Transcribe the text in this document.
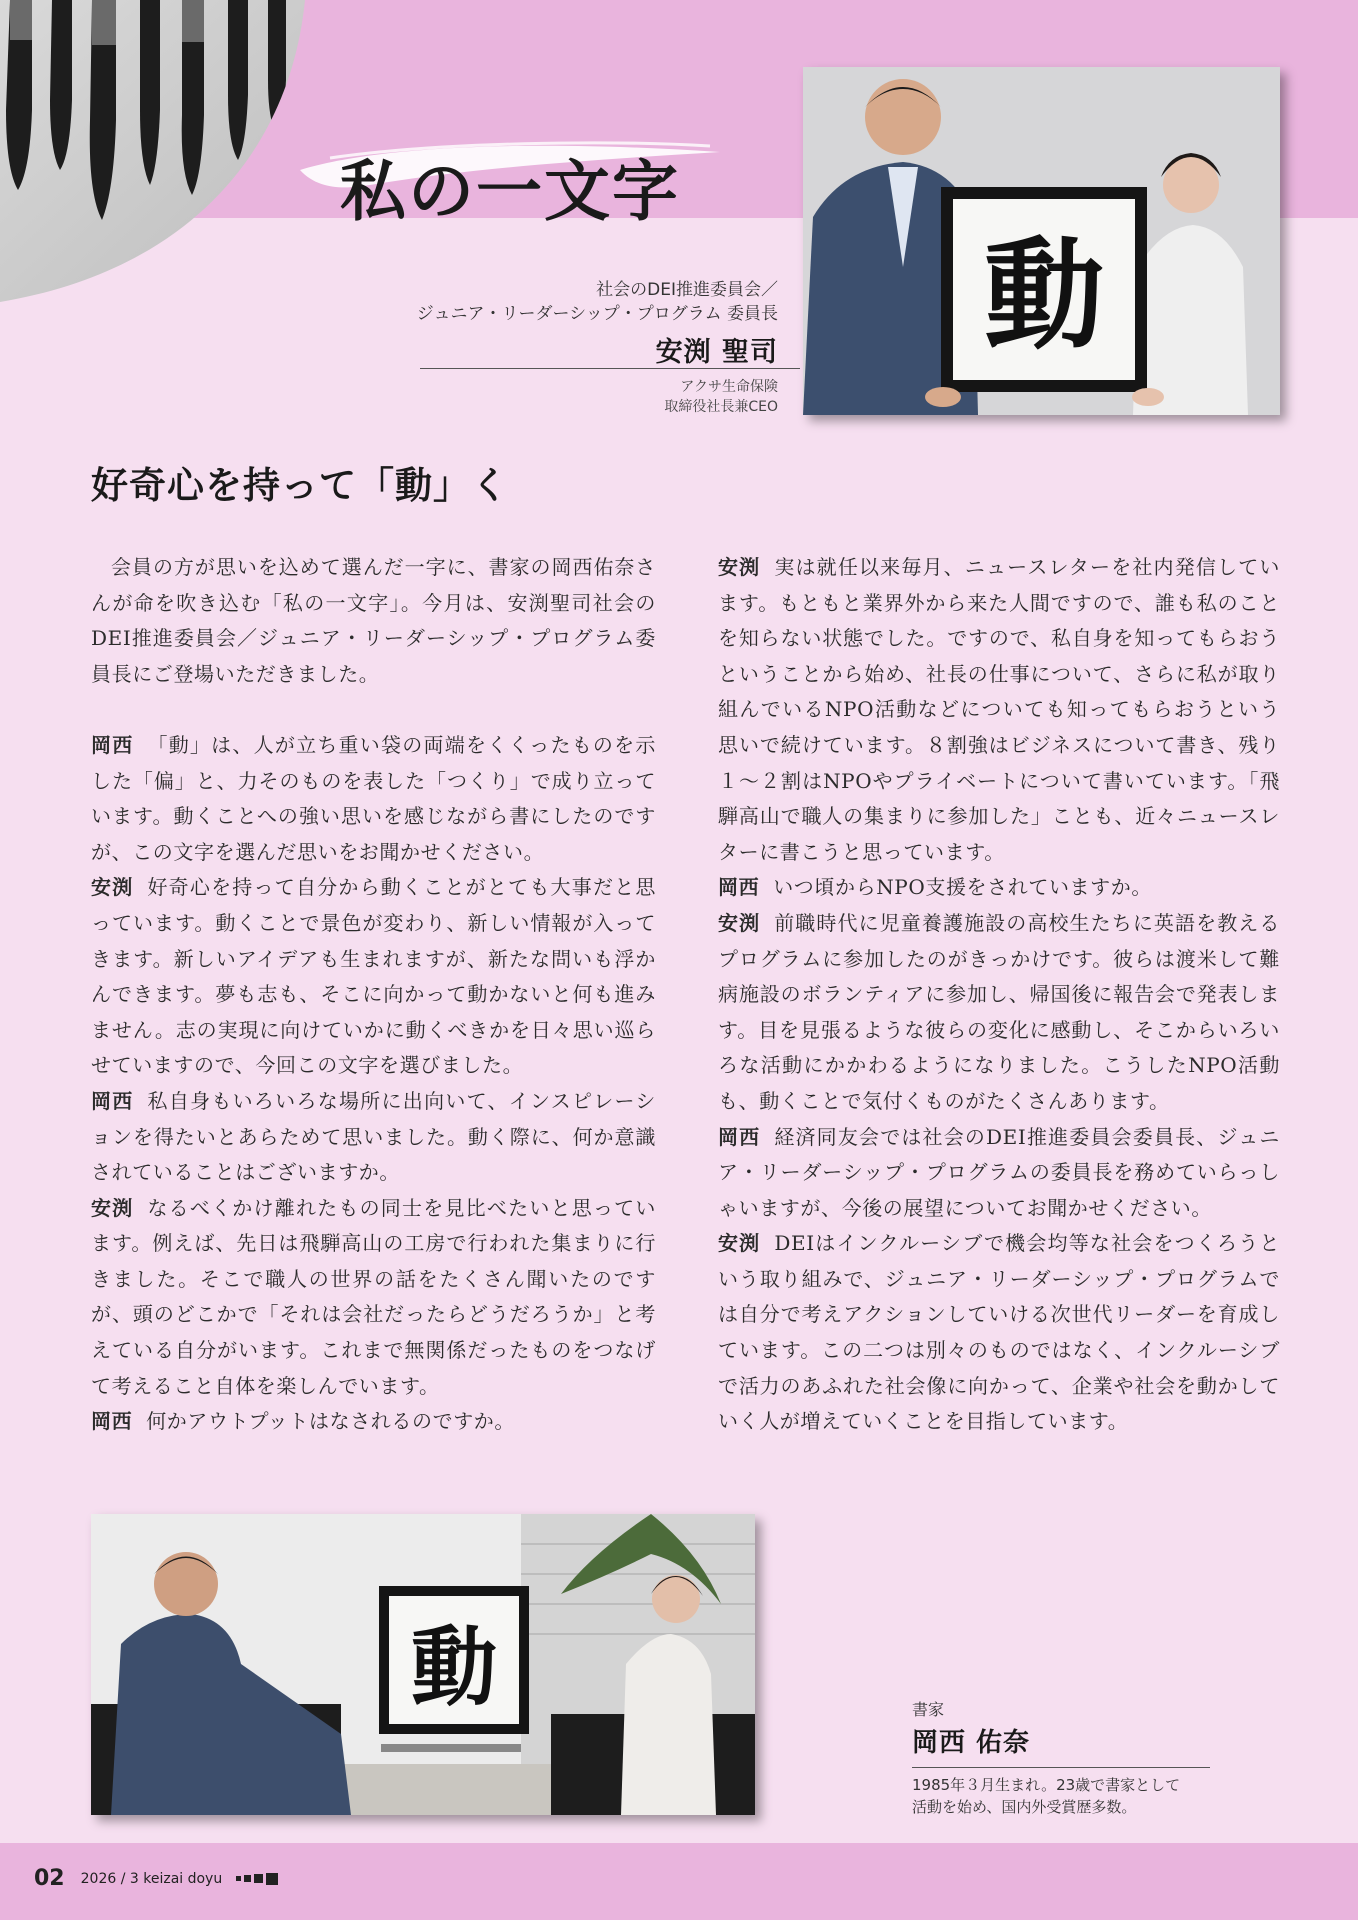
私の一文字
動
社会のDEI推進委員会／
ジュニア・リーダーシップ・プログラム 委員長
安渕 聖司
アクサ生命保険
取締役社長兼CEO
好奇心を持って「動」く

会員の方が思いを込めて選んだ一字に、書家の岡西佑奈さんが命を吹き込む「私の一文字」。今月は、安渕聖司社会のDEI推進委員会／ジュニア・リーダーシップ・プログラム委員長にご登場いただきました。

岡西 「動」は、人が立ち重い袋の両端をくくったものを示した「偏」と、力そのものを表した「つくり」で成り立っています。動くことへの強い思いを感じながら書にしたのですが、この文字を選んだ思いをお聞かせください。

安渕 好奇心を持って自分から動くことがとても大事だと思っています。動くことで景色が変わり、新しい情報が入ってきます。新しいアイデアも生まれますが、新たな問いも浮かんできます。夢も志も、そこに向かって動かないと何も進みません。志の実現に向けていかに動くべきかを日々思い巡らせていますので、今回この文字を選びました。

岡西 私自身もいろいろな場所に出向いて、インスピレーションを得たいとあらためて思いました。動く際に、何か意識されていることはございますか。

安渕 なるべくかけ離れたもの同士を見比べたいと思っています。例えば、先日は飛騨高山の工房で行われた集まりに行きました。そこで職人の世界の話をたくさん聞いたのですが、頭のどこかで「それは会社だったらどうだろうか」と考えている自分がいます。これまで無関係だったものをつなげて考えること自体を楽しんでいます。

岡西 何かアウトプットはなされるのですか。

安渕 実は就任以来毎月、ニュースレターを社内発信しています。もともと業界外から来た人間ですので、誰も私のことを知らない状態でした。ですので、私自身を知ってもらおうということから始め、社長の仕事について、さらに私が取り組んでいるNPO活動などについても知ってもらおうという思いで続けています。８割強はビジネスについて書き、残り１～２割はNPOやプライベートについて書いています。「飛騨高山で職人の集まりに参加した」ことも、近々ニュースレターに書こうと思っています。

岡西 いつ頃からNPO支援をされていますか。

安渕 前職時代に児童養護施設の高校生たちに英語を教えるプログラムに参加したのがきっかけです。彼らは渡米して難病施設のボランティアに参加し、帰国後に報告会で発表します。目を見張るような彼らの変化に感動し、そこからいろいろな活動にかかわるようになりました。こうしたNPO活動も、動くことで気付くものがたくさんあります。

岡西 経済同友会では社会のDEI推進委員会委員長、ジュニア・リーダーシップ・プログラムの委員長を務めていらっしゃいますが、今後の展望についてお聞かせください。

安渕 DEIはインクルーシブで機会均等な社会をつくろうという取り組みで、ジュニア・リーダーシップ・プログラムでは自分で考えアクションしていける次世代リーダーを育成しています。この二つは別々のものではなく、インクルーシブで活力のあふれた社会像に向かって、企業や社会を動かしていく人が増えていくことを目指しています。

動	書家
岡西 佑奈
1985年３月生まれ。23歳で書家として
活動を始め、国内外受賞歴多数。
02 2026 / 3 keizai doyu
